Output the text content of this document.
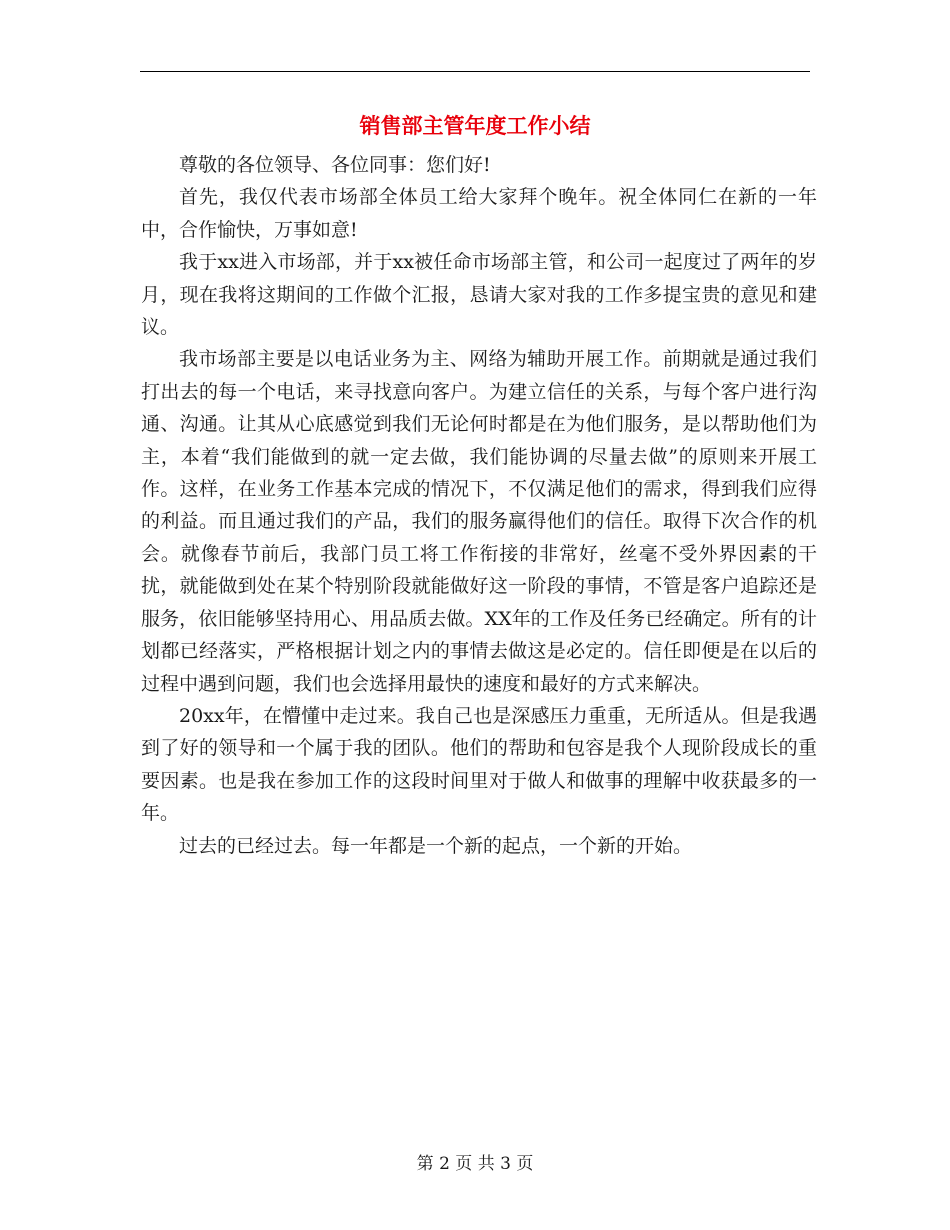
销售部主管年度工作小结

尊敬的各位领导、各位同事：您们好!

首先，我仅代表市场部全体员工给大家拜个晚年。祝全体同仁在新的一年中，合作愉快，万事如意!

我于xx进入市场部，并于xx被任命市场部主管，和公司一起度过了两年的岁月，现在我将这期间的工作做个汇报，恳请大家对我的工作多提宝贵的意见和建议。

我市场部主要是以电话业务为主、网络为辅助开展工作。前期就是通过我们打出去的每一个电话，来寻找意向客户。为建立信任的关系，与每个客户进行沟通、沟通。让其从心底感觉到我们无论何时都是在为他们服务，是以帮助他们为主，本着“我们能做到的就一定去做，我们能协调的尽量去做”的原则来开展工作。这样，在业务工作基本完成的情况下，不仅满足他们的需求，得到我们应得的利益。而且通过我们的产品，我们的服务赢得他们的信任。取得下次合作的机会。就像春节前后，我部门员工将工作衔接的非常好，丝毫不受外界因素的干扰，就能做到处在某个特别阶段就能做好这一阶段的事情，不管是客户追踪还是服务，依旧能够坚持用心、用品质去做。XX年的工作及任务已经确定。所有的计划都已经落实，严格根据计划之内的事情去做这是必定的。信任即便是在以后的过程中遇到问题，我们也会选择用最快的速度和最好的方式来解决。

20xx年，在懵懂中走过来。我自己也是深感压力重重，无所适从。但是我遇到了好的领导和一个属于我的团队。他们的帮助和包容是我个人现阶段成长的重要因素。也是我在参加工作的这段时间里对于做人和做事的理解中收获最多的一年。

过去的已经过去。每一年都是一个新的起点，一个新的开始。

第 2 页 共 3 页
